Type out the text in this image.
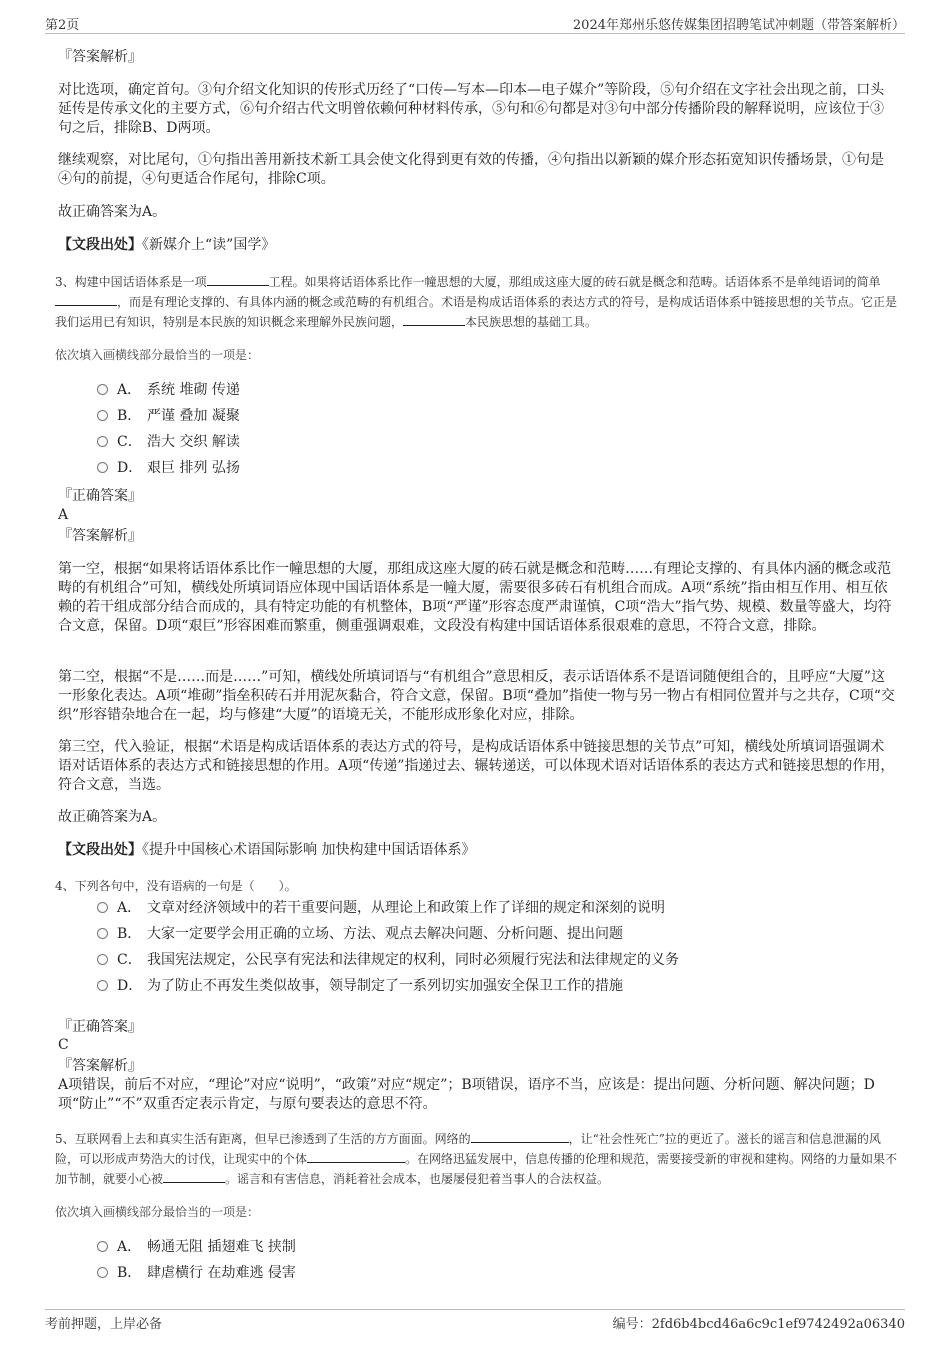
第2页	2024年郑州乐悠传媒集团招聘笔试冲刺题（带答案解析）
『答案解析』
对比选项，确定首句。③句介绍文化知识的传形式历经了“口传—写本—印本—电子媒介”等阶段，⑤句介绍在文字社会出现之前，口头延传是传承文化的主要方式，⑥句介绍古代文明曾依赖何种材料传承，⑤句和⑥句都是对③句中部分传播阶段的解释说明，应该位于③句之后，排除B、D两项。
继续观察，对比尾句，①句指出善用新技术新工具会使文化得到更有效的传播，④句指出以新颖的媒介形态拓宽知识传播场景，①句是④句的前提，④句更适合作尾句，排除C项。
故正确答案为A。
【文段出处】《新媒介上“读”国学》
3、构建中国话语体系是一项	工程。如果将话语体系比作一幢思想的大厦，那组成这座大厦的砖石就是概念和范畴。话语体系不是单纯语词的简单，而是有理论支撑的、有具体内涵的概念或范畴的有机组合。术语是构成话语体系的表达方式的符号，是构成话语体系中链接思想的关节点。它正是我们运用已有知识，特别是本民族的知识概念来理解外民族问题，	本民族思想的基础工具。
依次填入画横线部分最恰当的一项是：
A． 系统 堆砌 传递
B． 严谨 叠加 凝聚
C． 浩大 交织 解读
D． 艰巨 排列 弘扬
『正确答案』
A
『答案解析』
第一空，根据“如果将话语体系比作一幢思想的大厦，那组成这座大厦的砖石就是概念和范畴……有理论支撑的、有具体内涵的概念或范畴的有机组合”可知，横线处所填词语应体现中国话语体系是一幢大厦，需要很多砖石有机组合而成。A项“系统”指由相互作用、相互依赖的若干组成部分结合而成的，具有特定功能的有机整体，B项“严谨”形容态度严肃谨慎，C项“浩大”指气势、规模、数量等盛大，均符合文意，保留。D项“艰巨”形容困难而繁重，侧重强调艰难，文段没有构建中国话语体系很艰难的意思，不符合文意，排除。
第二空，根据“不是……而是……”可知，横线处所填词语与“有机组合”意思相反，表示话语体系不是语词随便组合的，且呼应“大厦”这一形象化表达。A项“堆砌”指垒积砖石并用泥灰黏合，符合文意，保留。B项“叠加”指使一物与另一物占有相同位置并与之共存，C项“交织”形容错杂地合在一起，均与修建“大厦”的语境无关，不能形成形象化对应，排除。
第三空，代入验证，根据“术语是构成话语体系的表达方式的符号，是构成话语体系中链接思想的关节点”可知，横线处所填词语强调术语对话语体系的表达方式和链接思想的作用。A项“传递”指递过去、辗转递送，可以体现术语对话语体系的表达方式和链接思想的作用，符合文意，当选。
故正确答案为A。
【文段出处】《提升中国核心术语国际影响 加快构建中国话语体系》
4、下列各句中，没有语病的一句是（　　）。
A． 文章对经济领域中的若干重要问题，从理论上和政策上作了详细的规定和深刻的说明
B． 大家一定要学会用正确的立场、方法、观点去解决问题、分析问题、提出问题
C． 我国宪法规定，公民享有宪法和法律规定的权利，同时必须履行宪法和法律规定的义务
D． 为了防止不再发生类似故事，领导制定了一系列切实加强安全保卫工作的措施
『正确答案』
C
『答案解析』
A项错误，前后不对应，“理论”对应“说明”，“政策”对应“规定”；B项错误，语序不当，应该是：提出问题、分析问题、解决问题；D项“防止”“不”双重否定表示肯定，与原句要表达的意思不符。
5、互联网看上去和真实生活有距离，但早已渗透到了生活的方方面面。网络的	，让“社会性死亡”拉的更近了。滋长的谣言和信息泄漏的风险，可以形成声势浩大的讨伐，让现实中的个体	。在网络迅猛发展中，信息传播的伦理和规范，需要接受新的审视和建构。网络的力量如果不加节制，就要小心被	。谣言和有害信息，消耗着社会成本，也屡屡侵犯着当事人的合法权益。
依次填入画横线部分最恰当的一项是：
A． 畅通无阻 插翅难飞 挟制
B． 肆虐横行 在劫难逃 侵害
考前押题，上岸必备	编号：2fd6b4bcd46a6c9c1ef9742492a06340
